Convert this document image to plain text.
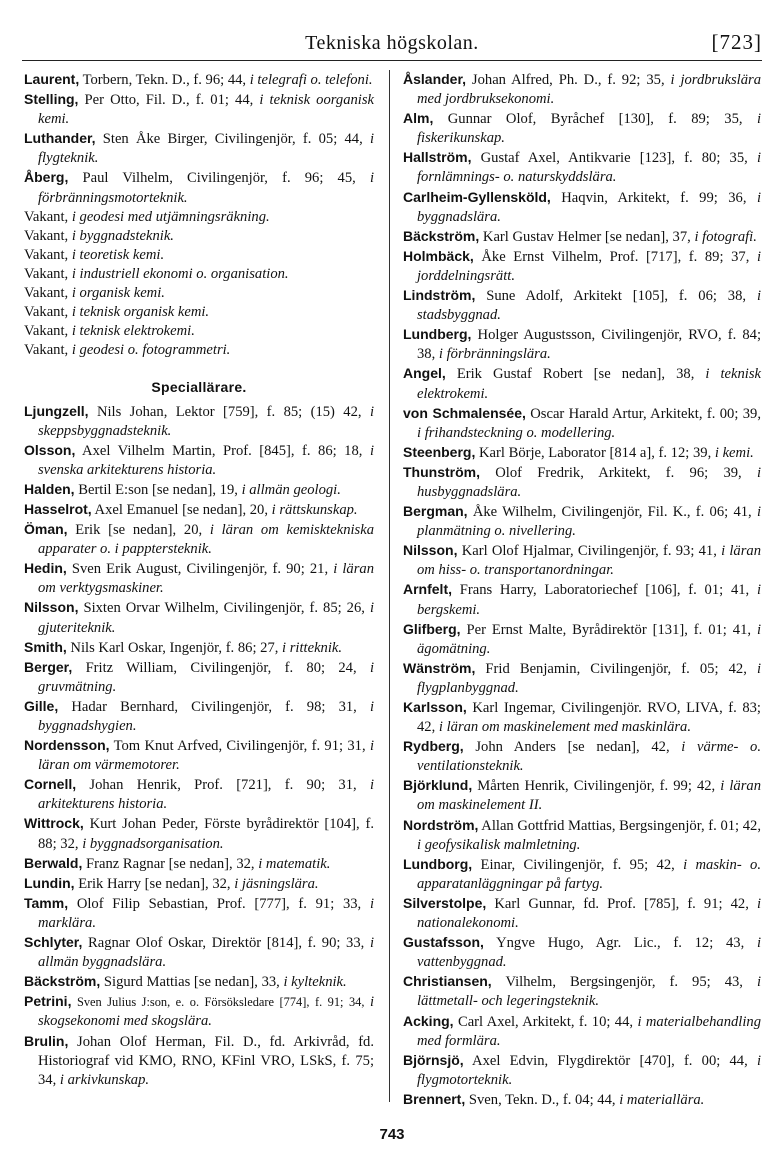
Tekniska högskolan.	[723]
Laurent, Torbern, Tekn. D., f. 96; 44, i telegrafi o. telefoni.
Stelling, Per Otto, Fil. D., f. 01; 44, i teknisk oorganisk kemi.
Luthander, Sten Åke Birger, Civilingenjör, f. 05; 44, i flygteknik.
Åberg, Paul Vilhelm, Civilingenjör, f. 96; 45, i förbränningsmotorteknik.
Vakant, i geodesi med utjämningsräkning.
Vakant, i byggnadsteknik.
Vakant, i teoretisk kemi.
Vakant, i industriell ekonomi o. organisation.
Vakant, i organisk kemi.
Vakant, i teknisk organisk kemi.
Vakant, i teknisk elektrokemi.
Vakant, i geodesi o. fotogrammetri.
Speciallärare.
Ljungzell, Nils Johan, Lektor [759], f. 85; (15) 42, i skeppsbyggnadsteknik.
Olsson, Axel Vilhelm Martin, Prof. [845], f. 86; 18, i svenska arkitekturens historia.
Halden, Bertil E:son [se nedan], 19, i allmän geologi.
Hasselrot, Axel Emanuel [se nedan], 20, i rättskunskap.
Öman, Erik [se nedan], 20, i läran om kemisktekniska apparater o. i papptersteknik.
Hedin, Sven Erik August, Civilingenjör, f. 90; 21, i läran om verktygsmaskiner.
Nilsson, Sixten Orvar Wilhelm, Civilingenjör, f. 85; 26, i gjuteriteknik.
Smith, Nils Karl Oskar, Ingenjör, f. 86; 27, i ritteknik.
Berger, Fritz William, Civilingenjör, f. 80; 24, i gruvmätning.
Gille, Hadar Bernhard, Civilingenjör, f. 98; 31, i byggnadshygien.
Nordensson, Tom Knut Arfved, Civilingenjör, f. 91; 31, i läran om värmemotorer.
Cornell, Johan Henrik, Prof. [721], f. 90; 31, i arkitekturens historia.
Wittrock, Kurt Johan Peder, Förste byrådirektör [104], f. 88; 32, i byggnadsorganisation.
Berwald, Franz Ragnar [se nedan], 32, i matematik.
Lundin, Erik Harry [se nedan], 32, i jäsningslära.
Tamm, Olof Filip Sebastian, Prof. [777], f. 91; 33, i marklära.
Schlyter, Ragnar Olof Oskar, Direktör [814], f. 90; 33, i allmän byggnadslära.
Bäckström, Sigurd Mattias [se nedan], 33, i kylteknik.
Petrini, Sven Julius J:son, e. o. Försöksledare [774], f. 91; 34, i skogsekonomi med skogslära.
Brulin, Johan Olof Herman, Fil. D., fd. Arkivråd, fd. Historiograf vid KMO, RNO, KFinl VRO, LSkS, f. 75; 34, i arkivkunskap.
Åslander, Johan Alfred, Ph. D., f. 92; 35, i jordbrukslära med jordbruksekonomi.
Alm, Gunnar Olof, Byråchef [130], f. 89; 35, i fiskerikunskap.
Hallström, Gustaf Axel, Antikvarie [123], f. 80; 35, i fornlämnings- o. naturskyddslära.
Carlheim-Gyllensköld, Haqvin, Arkitekt, f. 99; 36, i byggnadslära.
Bäckström, Karl Gustav Helmer [se nedan], 37, i fotografi.
Holmbäck, Åke Ernst Vilhelm, Prof. [717], f. 89; 37, i jorddelningsrätt.
Lindström, Sune Adolf, Arkitekt [105], f. 06; 38, i stadsbyggnad.
Lundberg, Holger Augustsson, Civilingenjör, RVO, f. 84; 38, i förbränningslära.
Angel, Erik Gustaf Robert [se nedan], 38, i teknisk elektrokemi.
von Schmalensée, Oscar Harald Artur, Arkitekt, f. 00; 39, i frihandsteckning o. modellering.
Steenberg, Karl Börje, Laborator [814 a], f. 12; 39, i kemi.
Thunström, Olof Fredrik, Arkitekt, f. 96; 39, i husbyggnadslära.
Bergman, Åke Wilhelm, Civilingenjör, Fil. K., f. 06; 41, i planmätning o. nivellering.
Nilsson, Karl Olof Hjalmar, Civilingenjör, f. 93; 41, i läran om hiss- o. transportanordningar.
Arnfelt, Frans Harry, Laboratoriechef [106], f. 01; 41, i bergskemi.
Glifberg, Per Ernst Malte, Byrådirektör [131], f. 01; 41, i ägomätning.
Wänström, Frid Benjamin, Civilingenjör, f. 05; 42, i flygplanbyggnad.
Karlsson, Karl Ingemar, Civilingenjör. RVO, LIVA, f. 83; 42, i läran om maskinelement med maskinlära.
Rydberg, John Anders [se nedan], 42, i värme- o. ventilationsteknik.
Björklund, Mårten Henrik, Civilingenjör, f. 99; 42, i läran om maskinelement II.
Nordström, Allan Gottfrid Mattias, Bergsingenjör, f. 01; 42, i geofysikalisk malmletning.
Lundborg, Einar, Civilingenjör, f. 95; 42, i maskin- o. apparatanläggningar på fartyg.
Silverstolpe, Karl Gunnar, fd. Prof. [785], f. 91; 42, i nationalekonomi.
Gustafsson, Yngve Hugo, Agr. Lic., f. 12; 43, i vattenbyggnad.
Christiansen, Vilhelm, Bergsingenjör, f. 95; 43, i lättmetall- och legeringsteknik.
Acking, Carl Axel, Arkitekt, f. 10; 44, i materialbehandling med formlära.
Björnsjö, Axel Edvin, Flygdirektör [470], f. 00; 44, i flygmotorteknik.
Brennert, Sven, Tekn. D., f. 04; 44, i materiallära.
743
